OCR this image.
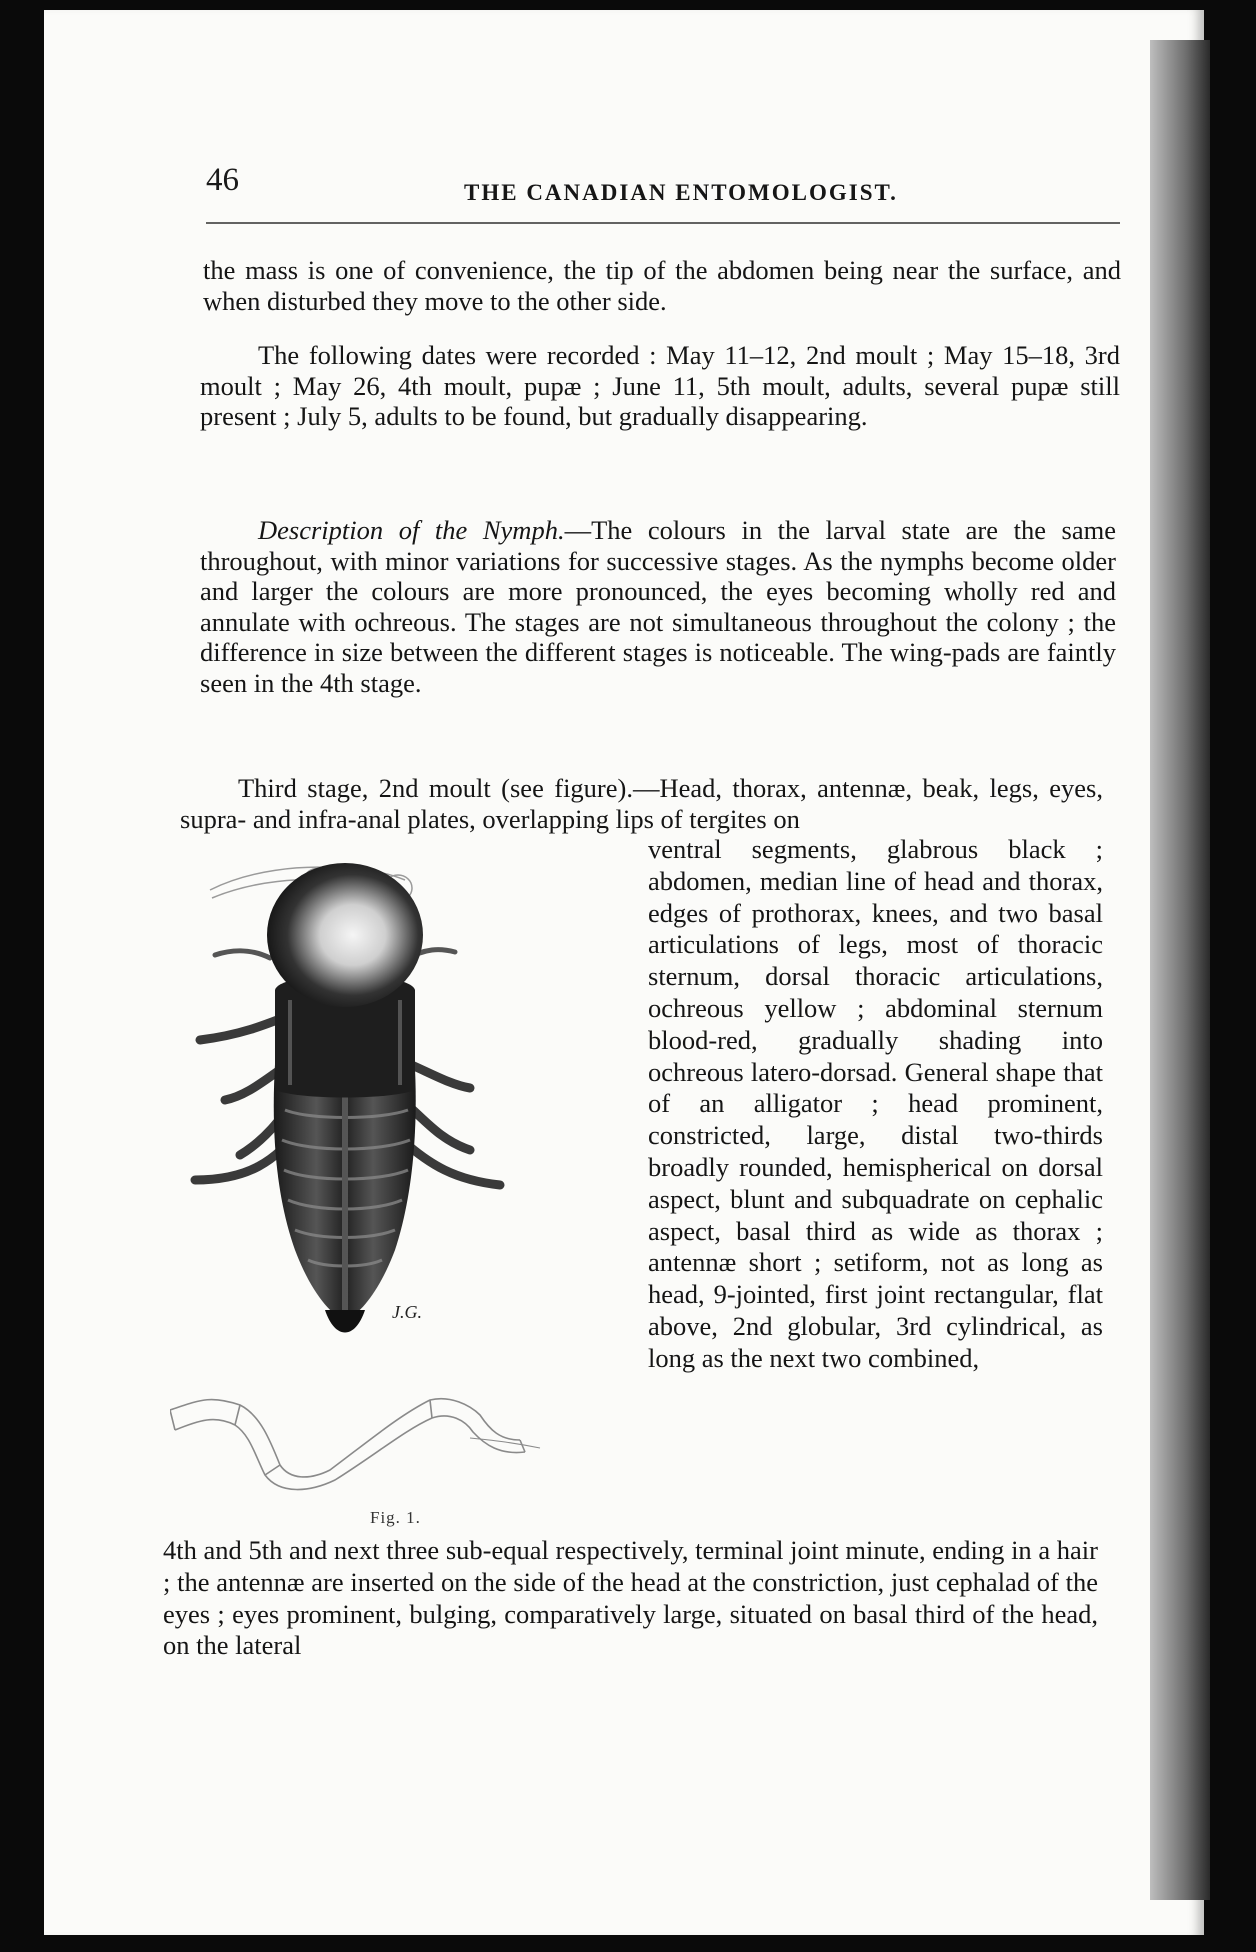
46	THE CANADIAN ENTOMOLOGIST.

the mass is one of convenience, the tip of the abdomen being near the surface, and when disturbed they move to the other side.

The following dates were recorded : May 11–12, 2nd moult ; May 15–18, 3rd moult ; May 26, 4th moult, pupæ ; June 11, 5th moult, adults, several pupæ still present ; July 5, adults to be found, but gradually disappearing.

Description of the Nymph.—The colours in the larval state are the same throughout, with minor variations for successive stages. As the nymphs become older and larger the colours are more pronounced, the eyes becoming wholly red and annulate with ochreous. The stages are not simultaneous throughout the colony ; the difference in size between the different stages is noticeable. The wing-pads are faintly seen in the 4th stage.

Third stage, 2nd moult (see figure).—Head, thorax, antennæ, beak, legs, eyes, supra- and infra-anal plates, overlapping lips of tergites on

ventral segments, glabrous black ; abdomen, median line of head and thorax, edges of prothorax, knees, and two basal articulations of legs, most of thoracic sternum, dorsal thoracic articulations, ochreous yellow ; abdominal sternum blood-red, gradually shading into ochreous latero-dorsad. General shape that of an alligator ; head prominent, constricted, large, distal two-thirds broadly rounded, hemispherical on dorsal aspect, blunt and subquadrate on cephalic aspect, basal third as wide as thorax ; antennæ short ; setiform, not as long as head, 9-jointed, first joint rectangular, flat above, 2nd globular, 3rd cylindrical, as long as the next two combined,

4th and 5th and next three sub-equal respectively, terminal joint minute, ending in a hair ; the antennæ are inserted on the side of the head at the constriction, just cephalad of the eyes ; eyes prominent, bulging, comparatively large, situated on basal third of the head, on the lateral

J.G.
Fig. 1.
